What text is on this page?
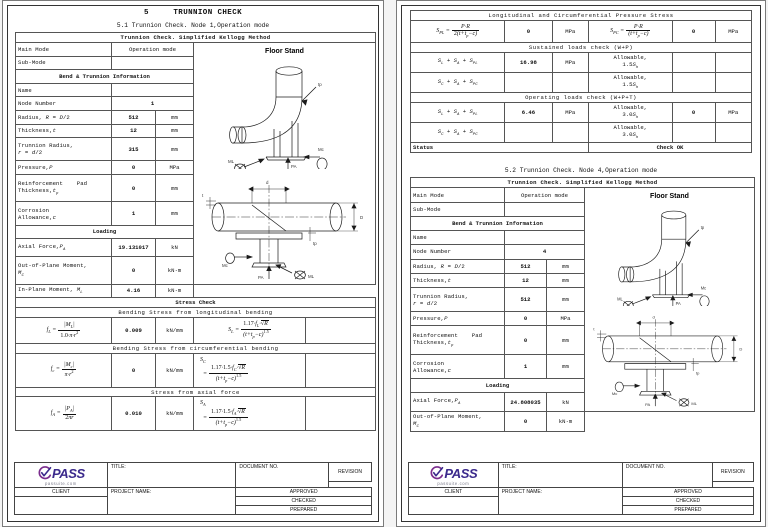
5	TRUNNION CHECK
5.1 Trunnion Check. Node 1,Operation mode
Trunnion Check. Simplified Kellogg Method			
Main Mode	Operation mode	Floor Stand
tp
Mc
PA
ML

d
D
t
tp
Mc
PA	ML

Sub-Mode			
Bend & Trunnion Information			
Name			
Node Number	1		
Radius, R = D/2	512	mm	
Thickness,t	12	mm	
Trunnion Radius,
r = d/2	315	mm	
Pressure,P	0	MPa	
Reinforcement    Pad
$Thickness,t_p$	0	mm	
Corrosion
Allowance,c	1	mm	
Loading			
Axial $Force,P_A$	19.131017	kN	
Out-of-Plane Moment,
$M_C$	0	kN·m	
In-Plane Moment, $M_L$	4.16	kN·m	
Stress Check				
Bending Stress from longitudinal bending				

$f_L = \frac{|M_L|}{1.0\cdot\pi\cdot r^2}$	0.009	kN/mm	$S_L = \frac{1.17\cdot f_L\cdot√R}{(t+t_p-c)^{1.5}}$

Bending Stress from circumferential bending				

$f_c = \frac{|M_c|}{\pi\cdot r^2}$	0	kN/mm	
$S_C$
= $\frac{1.17\cdot 1.5\cdot f_C\cdot√R}{(t+t_p-c)^{1.5}}$

Stress from axial force				

$f_A = \frac{|P_A|}{2\pi r}$	0.010	kN/mm	
$S_A$
= $\frac{1.17\cdot 1.5\cdot f_A\cdot√R}{(t+t_p-c)^{1.5}}$

PASS
passuite.com	TITLE:	DOCUMENT NO.	REVISION

CLIENT	PROJECT NAME:	APPROVED	
		CHECKED	
		PREPARED	
Longitudinal and Circumferential Pressure Stress					

$S_{PL} = \frac{P\cdot R}{2(t+t_p-c)}$	0	MPa	$S_{PC} = \frac{P\cdot R}{(t+t_p-c)}$	0	MPa
Sustained loads check (W+P)					
$S_L + S_A + S_{PL}$	16.98	MPa	Allowable,
$1.5S_h$		
$S_C + S_A + S_{PC}$			Allowable,
$1.5S_h$		
Operating loads check (W+P+T)					
$S_L + S_A + S_{PL}$	6.46	MPa	Allowable,
$3.0S_h$	0	MPa
$S_C + S_A + S_{PC}$			Allowable,
$3.0S_h$		
Status			Check OK		
5.2 Trunnion Check. Node 4,Operation mode
Trunnion Check. Simplified Kellogg Method			
Main Mode	Operation mode	Floor Stand
tp
Mc
PA
ML

d
D
t
tp
Mc
PA	ML

Sub-Mode			
Bend & Trunnion Information			
Name			
Node Number	4		
Radius, R = D/2	512	mm	
Thickness,t	12	mm	
Trunnion Radius,
r = d/2	512	mm	
Pressure,P	0	MPa	
Reinforcement    Pad
$Thickness,t_p$	0	mm	
Corrosion
Allowance,c	1	mm	
Loading			
Axial $Force,P_A$	24.808035	kN	
Out-of-Plane Moment,
$M_C$	0	kN·m	
PASS
passuite.com	TITLE:	DOCUMENT NO.	REVISION

CLIENT	PROJECT NAME:	APPROVED	
		CHECKED	
		PREPARED	
